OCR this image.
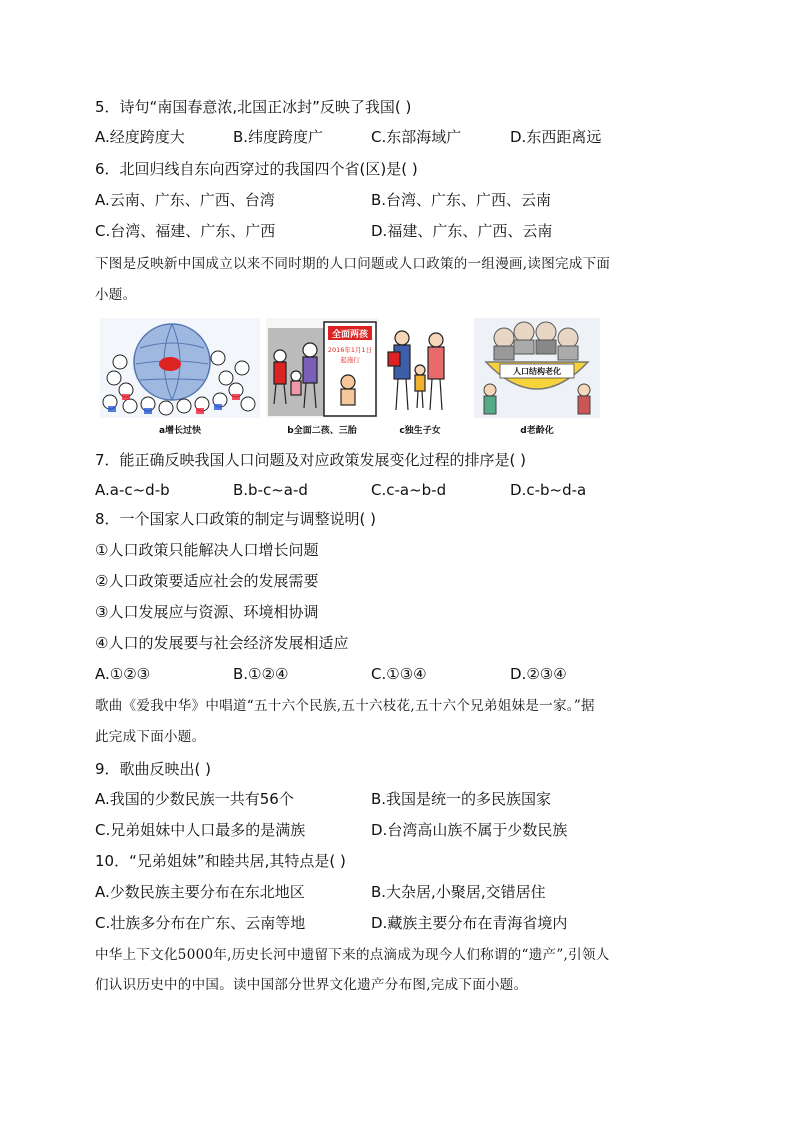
5．诗句“南国春意浓,北国正冰封”反映了我国( )
A.经度跨度大	B.纬度跨度广	C.东部海域广	D.东西距离远
6．北回归线自东向西穿过的我国四个省(区)是( )
A.云南、广东、广西、台湾	B.台湾、广东、广西、云南
C.台湾、福建、广东、广西	D.福建、广东、广西、云南
下图是反映新中国成立以来不同时期的人口问题或人口政策的一组漫画,读图完成下面
小题。
a增长过快
全面两孩
2016年1月1日
起施行
b全面二孩、三胎	c独生子女
人口结构老化
d老龄化
7．能正确反映我国人口问题及对应政策发展变化过程的排序是( )
A.a-c~d-b	B.b-c~a-d	C.c-a~b-d	D.c-b~d-a
8．一个国家人口政策的制定与调整说明( )
①人口政策只能解决人口增长问题
②人口政策要适应社会的发展需要
③人口发展应与资源、环境相协调
④人口的发展要与社会经济发展相适应
A.①②③	B.①②④	C.①③④	D.②③④
歌曲《爱我中华》中唱道“五十六个民族,五十六枝花,五十六个兄弟姐妹是一家。”据
此完成下面小题。
9．歌曲反映出( )
A.我国的少数民族一共有56个	B.我国是统一的多民族国家
C.兄弟姐妹中人口最多的是满族	D.台湾高山族不属于少数民族
10．“兄弟姐妹”和睦共居,其特点是( )
A.少数民族主要分布在东北地区	B.大杂居,小聚居,交错居住
C.壮族多分布在广东、云南等地	D.藏族主要分布在青海省境内
中华上下文化5000年,历史长河中遗留下来的点滴成为现今人们称谓的“遗产”,引领人
们认识历史中的中国。读中国部分世界文化遗产分布图,完成下面小题。
